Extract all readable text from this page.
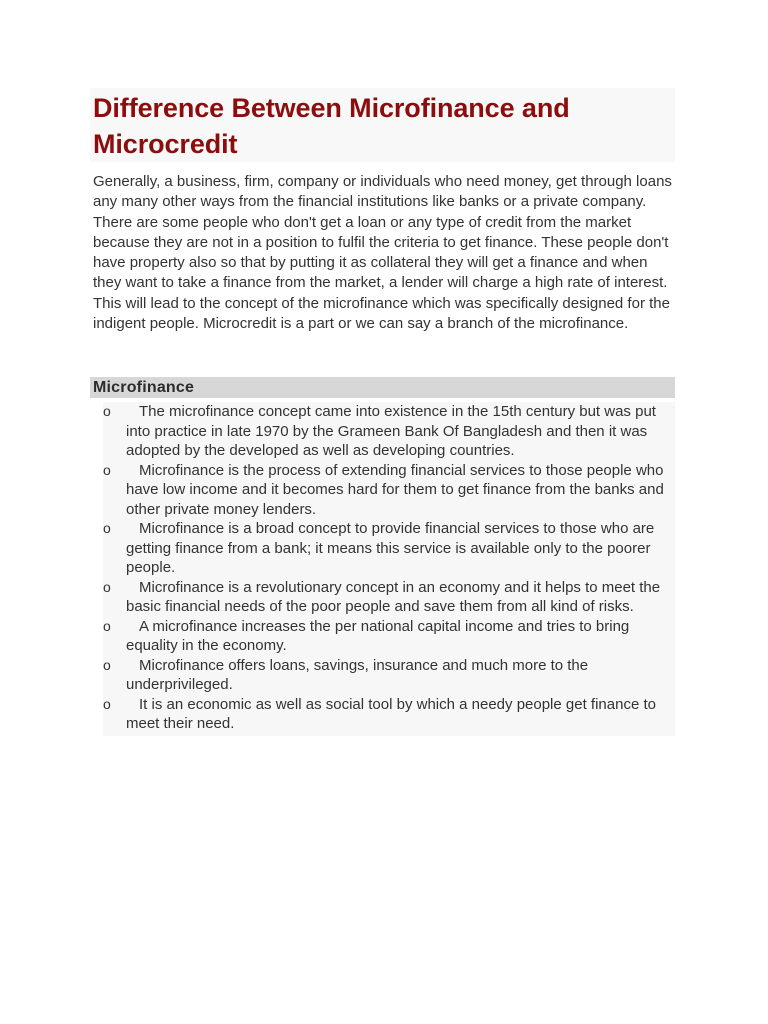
Difference Between Microfinance and Microcredit

Generally, a business, firm, company or individuals who need money, get through loans any many other ways from the financial institutions like banks or a private company. There are some people who don't get a loan or any type of credit from the market because they are not in a position to fulfil the criteria to get finance. These people don't have property also so that by putting it as collateral they will get a finance and when they want to take a finance from the market, a lender will charge a high rate of interest. This will lead to the concept of the microfinance which was specifically designed for the indigent people. Microcredit is a part or we can say a branch of the microfinance.

Microfinance
o	The microfinance concept came into existence in the 15th century but was put into practice in late 1970 by the Grameen Bank Of Bangladesh and then it was adopted by the developed as well as developing countries.
o	Microfinance is the process of extending financial services to those people who have low income and it becomes hard for them to get finance from the banks and other private money lenders.
o	Microfinance is a broad concept to provide financial services to those who are getting finance from a bank; it means this service is available only to the poorer people.
o	Microfinance is a revolutionary concept in an economy and it helps to meet the basic financial needs of the poor people and save them from all kind of risks.
o	A microfinance increases the per national capital income and tries to bring equality in the economy.
o	Microfinance offers loans, savings, insurance and much more to the underprivileged.
o	It is an economic as well as social tool by which a needy people get finance to meet their need.
